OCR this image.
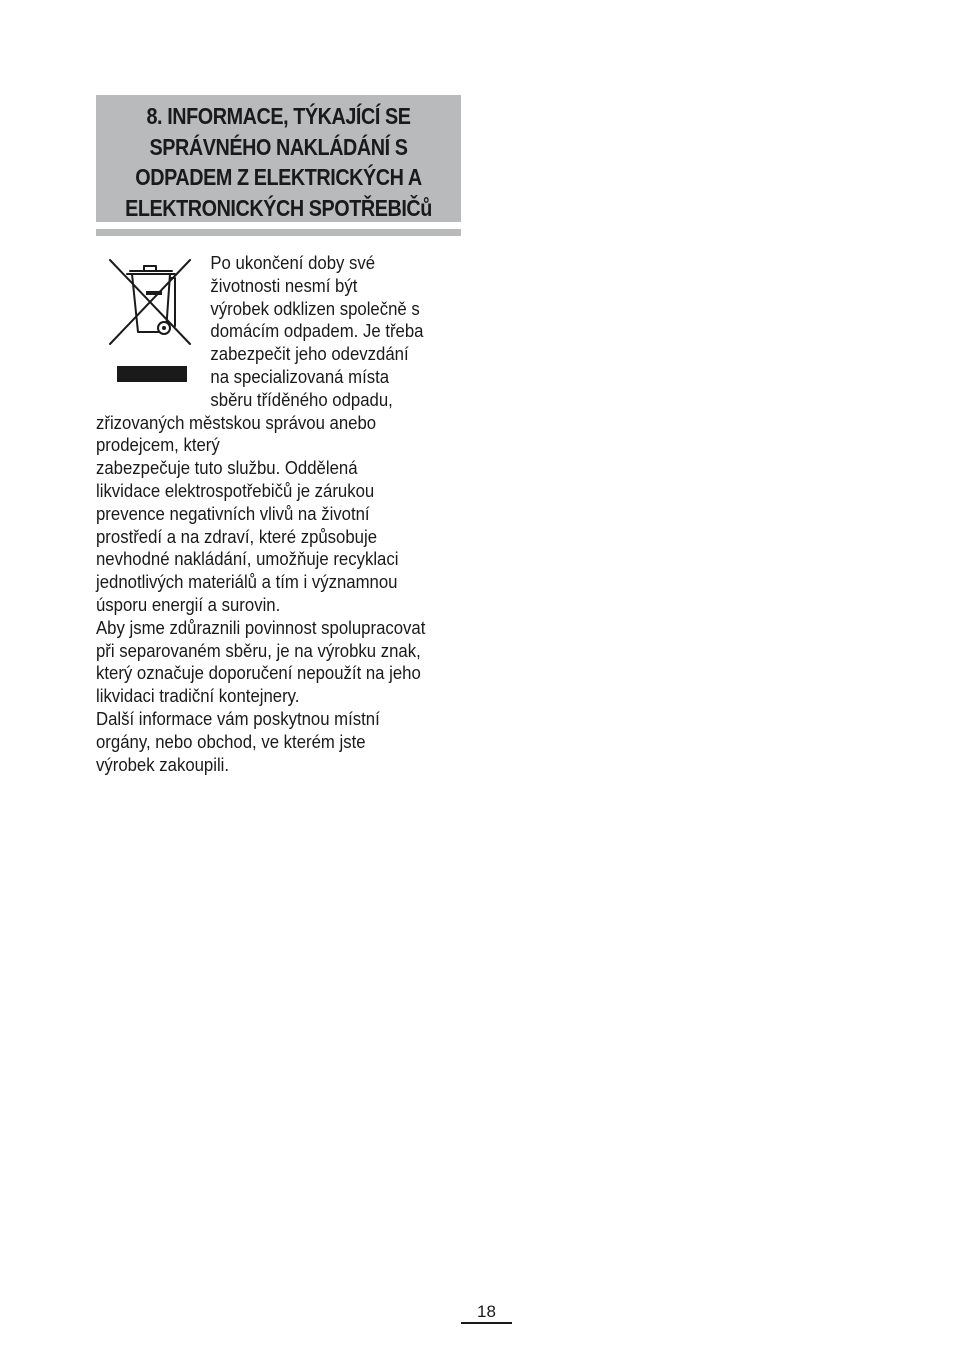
8. INFORMACE, TÝKAJÍCÍ SE
SPRÁVNÉHO NAKLÁDÁNÍ S
ODPADEM Z ELEKTRICKÝCH A
ELEKTRONICKÝCH SPOTŘEBIČů
Po ukončení doby své
životnosti nesmí být
výrobek odklizen společně s
domácím odpadem. Je třeba
zabezpečit jeho odevzdání
na specializovaná místa
sběru tříděného odpadu,
zřizovaných městskou správou anebo
prodejcem, který
zabezpečuje tuto službu. Oddělená
likvidace elektrospotřebičů je zárukou
prevence negativních vlivů na životní
prostředí a na zdraví, které způsobuje
nevhodné nakládání, umožňuje recyklaci
jednotlivých materiálů a tím i významnou
úsporu energií a surovin.
Aby jsme zdůraznili povinnost spolupracovat
při separovaném sběru, je na výrobku znak,
který označuje doporučení nepoužít na jeho
likvidaci tradiční kontejnery.
Další informace vám poskytnou místní
orgány, nebo obchod, ve kterém jste
výrobek zakoupili.
18
